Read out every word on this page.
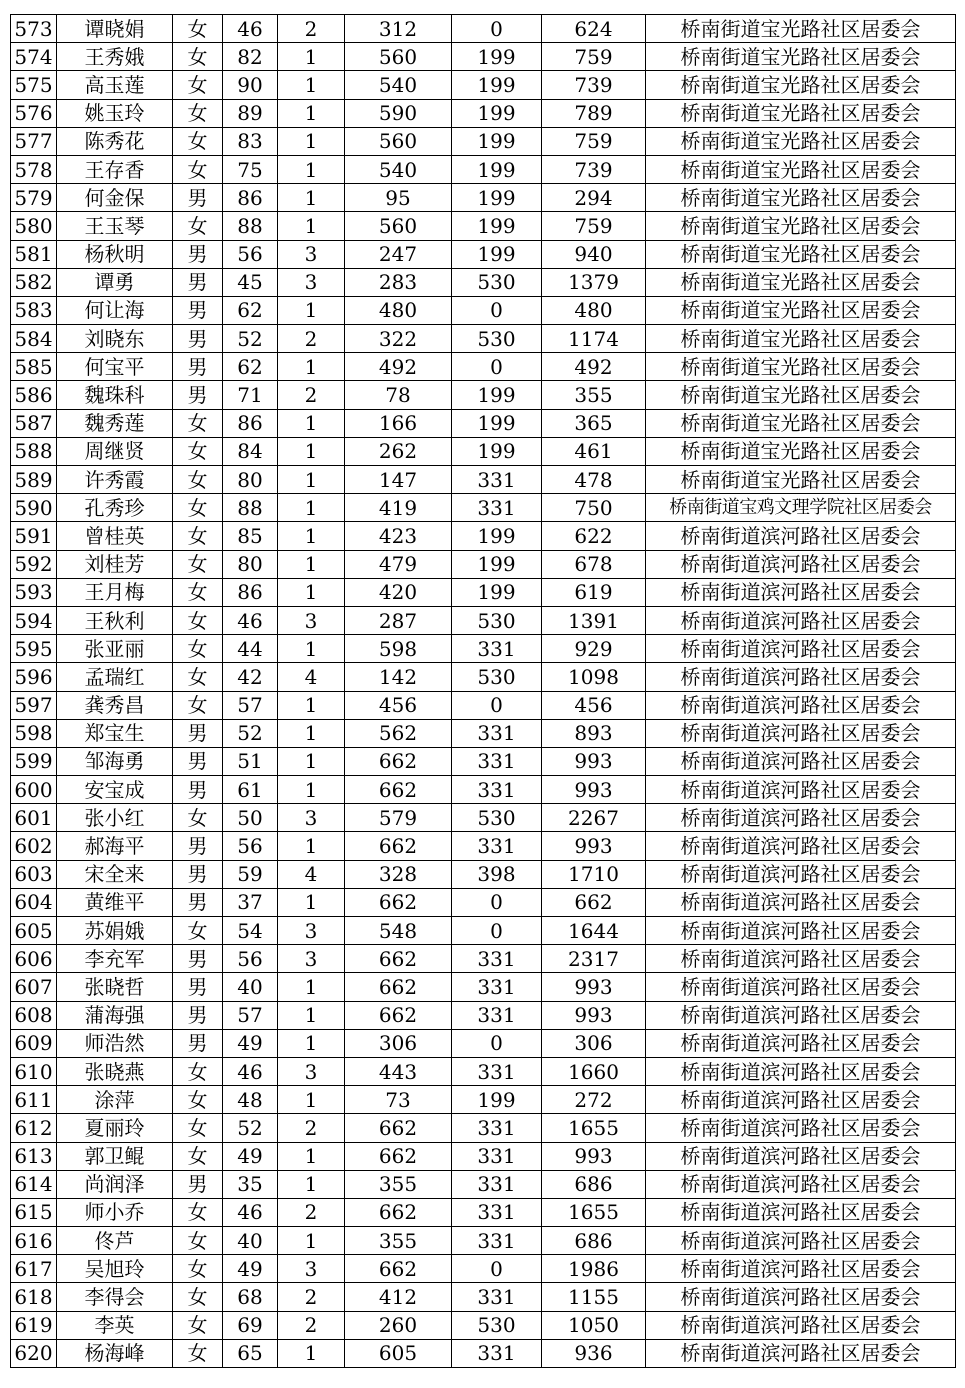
573	谭晓娟	女	46	2	312	0	624	桥南街道宝光路社区居委会
574	王秀娥	女	82	1	560	199	759	桥南街道宝光路社区居委会
575	高玉莲	女	90	1	540	199	739	桥南街道宝光路社区居委会
576	姚玉玲	女	89	1	590	199	789	桥南街道宝光路社区居委会
577	陈秀花	女	83	1	560	199	759	桥南街道宝光路社区居委会
578	王存香	女	75	1	540	199	739	桥南街道宝光路社区居委会
579	何金保	男	86	1	95	199	294	桥南街道宝光路社区居委会
580	王玉琴	女	88	1	560	199	759	桥南街道宝光路社区居委会
581	杨秋明	男	56	3	247	199	940	桥南街道宝光路社区居委会
582	谭勇	男	45	3	283	530	1379	桥南街道宝光路社区居委会
583	何让海	男	62	1	480	0	480	桥南街道宝光路社区居委会
584	刘晓东	男	52	2	322	530	1174	桥南街道宝光路社区居委会
585	何宝平	男	62	1	492	0	492	桥南街道宝光路社区居委会
586	魏珠科	男	71	2	78	199	355	桥南街道宝光路社区居委会
587	魏秀莲	女	86	1	166	199	365	桥南街道宝光路社区居委会
588	周继贤	女	84	1	262	199	461	桥南街道宝光路社区居委会
589	许秀霞	女	80	1	147	331	478	桥南街道宝光路社区居委会
590	孔秀珍	女	88	1	419	331	750	桥南街道宝鸡文理学院社区居委会
591	曾桂英	女	85	1	423	199	622	桥南街道滨河路社区居委会
592	刘桂芳	女	80	1	479	199	678	桥南街道滨河路社区居委会
593	王月梅	女	86	1	420	199	619	桥南街道滨河路社区居委会
594	王秋利	女	46	3	287	530	1391	桥南街道滨河路社区居委会
595	张亚丽	女	44	1	598	331	929	桥南街道滨河路社区居委会
596	孟瑞红	女	42	4	142	530	1098	桥南街道滨河路社区居委会
597	龚秀昌	女	57	1	456	0	456	桥南街道滨河路社区居委会
598	郑宝生	男	52	1	562	331	893	桥南街道滨河路社区居委会
599	邹海勇	男	51	1	662	331	993	桥南街道滨河路社区居委会
600	安宝成	男	61	1	662	331	993	桥南街道滨河路社区居委会
601	张小红	女	50	3	579	530	2267	桥南街道滨河路社区居委会
602	郝海平	男	56	1	662	331	993	桥南街道滨河路社区居委会
603	宋全来	男	59	4	328	398	1710	桥南街道滨河路社区居委会
604	黄维平	男	37	1	662	0	662	桥南街道滨河路社区居委会
605	苏娟娥	女	54	3	548	0	1644	桥南街道滨河路社区居委会
606	李充军	男	56	3	662	331	2317	桥南街道滨河路社区居委会
607	张晓哲	男	40	1	662	331	993	桥南街道滨河路社区居委会
608	蒲海强	男	57	1	662	331	993	桥南街道滨河路社区居委会
609	师浩然	男	49	1	306	0	306	桥南街道滨河路社区居委会
610	张晓燕	女	46	3	443	331	1660	桥南街道滨河路社区居委会
611	涂萍	女	48	1	73	199	272	桥南街道滨河路社区居委会
612	夏丽玲	女	52	2	662	331	1655	桥南街道滨河路社区居委会
613	郭卫鲲	女	49	1	662	331	993	桥南街道滨河路社区居委会
614	尚润泽	男	35	1	355	331	686	桥南街道滨河路社区居委会
615	师小乔	女	46	2	662	331	1655	桥南街道滨河路社区居委会
616	佟芦	女	40	1	355	331	686	桥南街道滨河路社区居委会
617	吴旭玲	女	49	3	662	0	1986	桥南街道滨河路社区居委会
618	李得会	女	68	2	412	331	1155	桥南街道滨河路社区居委会
619	李英	女	69	2	260	530	1050	桥南街道滨河路社区居委会
620	杨海峰	女	65	1	605	331	936	桥南街道滨河路社区居委会
